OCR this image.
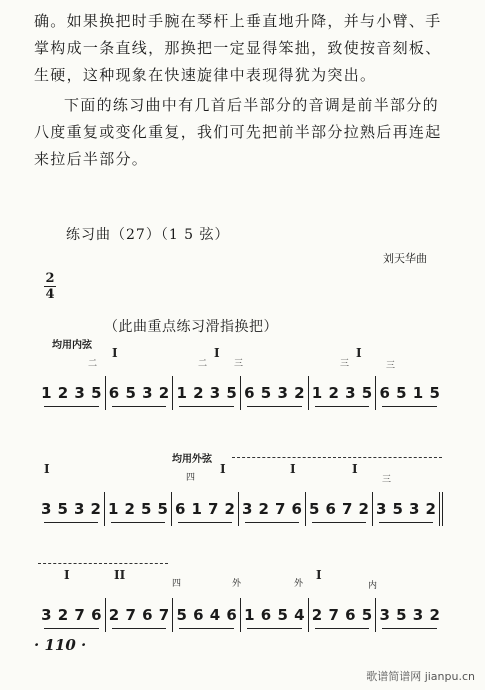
确。如果换把时手腕在琴杆上垂直地升降，并与小臂、手掌构成一条直线，那换把一定显得笨拙，致使按音刻板、生硬，这种现象在快速旋律中表现得犹为突出。
下面的练习曲中有几首后半部分的音调是前半部分的八度重复或变化重复，我们可先把前半部分拉熟后再连起来拉后半部分。
练习曲（27）（1 5 弦）
刘天华曲
2
4
（此曲重点练习滑指换把）
均用内弦
I
二
I
二	三
I
三	三
1 2 3 5 6 5 3 2 1 2 3 5 6 5 3 2 1 2 3 5 6 5 1 5
均用外弦
I
四
I	I	I
三
3 5 3 2 1 2 5 5 6 1 7 2 3 2 7 6 5 6 7 2 3 5 3 2
I	II
四	外	外
I
内
3 2 7 6 2 7 6 7 5 6 4 6 1 6 5 4 2 7 6 5 3 5 3 2
· 110 ·
歌谱简谱网 jianpu.cn
